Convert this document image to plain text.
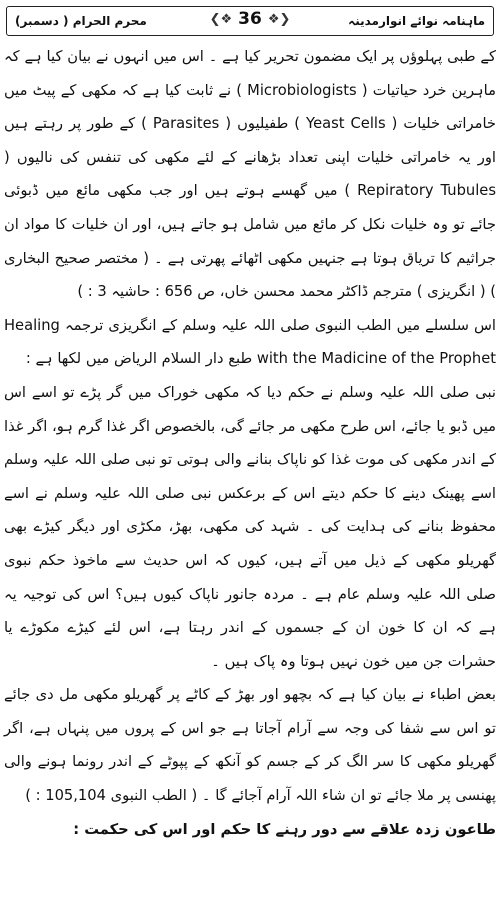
محرم الحرام ( دسمبر)	❮❖ 36 ❖❯	ماہنامہ نوائے انوارمدینہ

کے طبی پہلوؤں پر ایک مضمون تحریر کیا ہے ۔ اس میں انہوں نے بیان کیا ہے کہ ماہرین خرد حیاتیات ( Microbiologists ) نے ثابت کیا ہے کہ مکھی کے پیٹ میں خامراتی خلیات ( Yeast Cells ) طفیلیوں ( Parasites ) کے طور پر رہتے ہیں اور یہ خامراتی خلیات اپنی تعداد بڑھانے کے لئے مکھی کی تنفس کی نالیوں ( Repiratory Tubules ) میں گھسے ہوتے ہیں اور جب مکھی مائع میں ڈبوئی جائے تو وہ خلیات نکل کر مائع میں شامل ہو جاتے ہیں، اور ان خلیات کا مواد ان جراثیم کا تریاق ہوتا ہے جنہیں مکھی اٹھائے پھرتی ہے ۔ ( مختصر صحیح البخاری ) ( انگریزی ) مترجم ڈاکٹر محمد محسن خاں، ص 656 : حاشیہ 3 : )

اس سلسلے میں الطب النبوی صلی اللہ علیہ وسلم کے انگریزی ترجمہ Healing with the Madicine of the Prophet طبع دار السلام الریاض میں لکھا ہے :

نبی صلی اللہ علیہ وسلم نے حکم دیا کہ مکھی خوراک میں گر پڑے تو اسے اس میں ڈبو یا جائے، اس طرح مکھی مر جائے گی، بالخصوص اگر غذا گرم ہو، اگر غذا کے اندر مکھی کی موت غذا کو ناپاک بنانے والی ہوتی تو نبی صلی اللہ علیہ وسلم اسے پھینک دینے کا حکم دیتے اس کے برعکس نبی صلی اللہ علیہ وسلم نے اسے محفوظ بنانے کی ہدایت کی ۔ شہد کی مکھی، بھڑ، مکڑی اور دیگر کیڑے بھی گھریلو مکھی کے ذیل میں آتے ہیں، کیوں کہ اس حدیث سے ماخوذ حکم نبوی صلی اللہ علیہ وسلم عام ہے ۔ مردہ جانور ناپاک کیوں ہیں؟ اس کی توجیہ یہ ہے کہ ان کا خون ان کے جسموں کے اندر رہتا ہے، اس لئے کیڑے مکوڑے یا حشرات جن میں خون نہیں ہوتا وہ پاک ہیں ۔

بعض اطباء نے بیان کیا ہے کہ بچھو اور بھڑ کے کاٹے پر گھریلو مکھی مل دی جائے تو اس سے شفا کی وجہ سے آرام آجاتا ہے جو اس کے پروں میں پنہاں ہے، اگر گھریلو مکھی کا سر الگ کر کے جسم کو آنکھ کے پپوٹے کے اندر رونما ہونے والی پھنسی پر ملا جائے تو ان شاء اللہ آرام آجائے گا ۔ ( الطب النبوی 105,104 : )

طاعون زدہ علاقے سے دور رہنے کا حکم اور اس کی حکمت :
